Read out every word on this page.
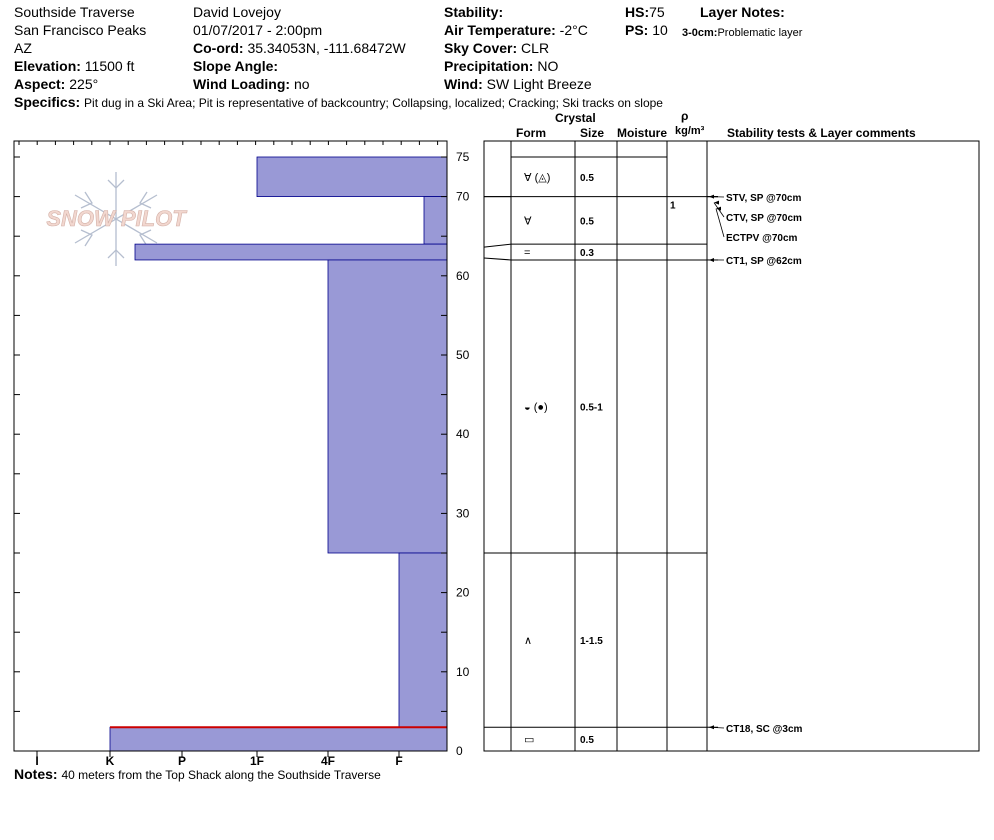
Southside Traverse
San Francisco Peaks
AZ
Elevation: 11500 ft
Aspect: 225°
Specifics: Pit dug in a Ski Area; Pit is representative of backcountry; Collapsing, localized; Cracking; Ski tracks on slope
David Lovejoy
01/07/2017 - 2:00pm
Co-ord: 35.34053N, -111.68472W
Slope Angle:
Wind Loading: no
Stability:
Air Temperature: -2°C
Sky Cover: CLR
Precipitation: NO
Wind: SW Light Breeze
HS:75
PS: 10
Layer Notes:
3-0cm:Problematic layer
Crystal
Form	Size Moisture
ρ
kg/m³ Stability tests & Layer comments
Notes: 40 meters from the Top Shack along the Southside Traverse
SNOW PILOT
0
10
20
30
40
50
60
70
75
I	K	P	1F	4F	F
∀ (◬)	0.5
∀	0.5
=	0.3
◒ (●)	0.5-1
∧	1-1.5
▭	0.5
1
STV, SP @70cm
CTV, SP @70cm
ECTPV @70cm
CT1, SP @62cm
CT18, SC @3cm
